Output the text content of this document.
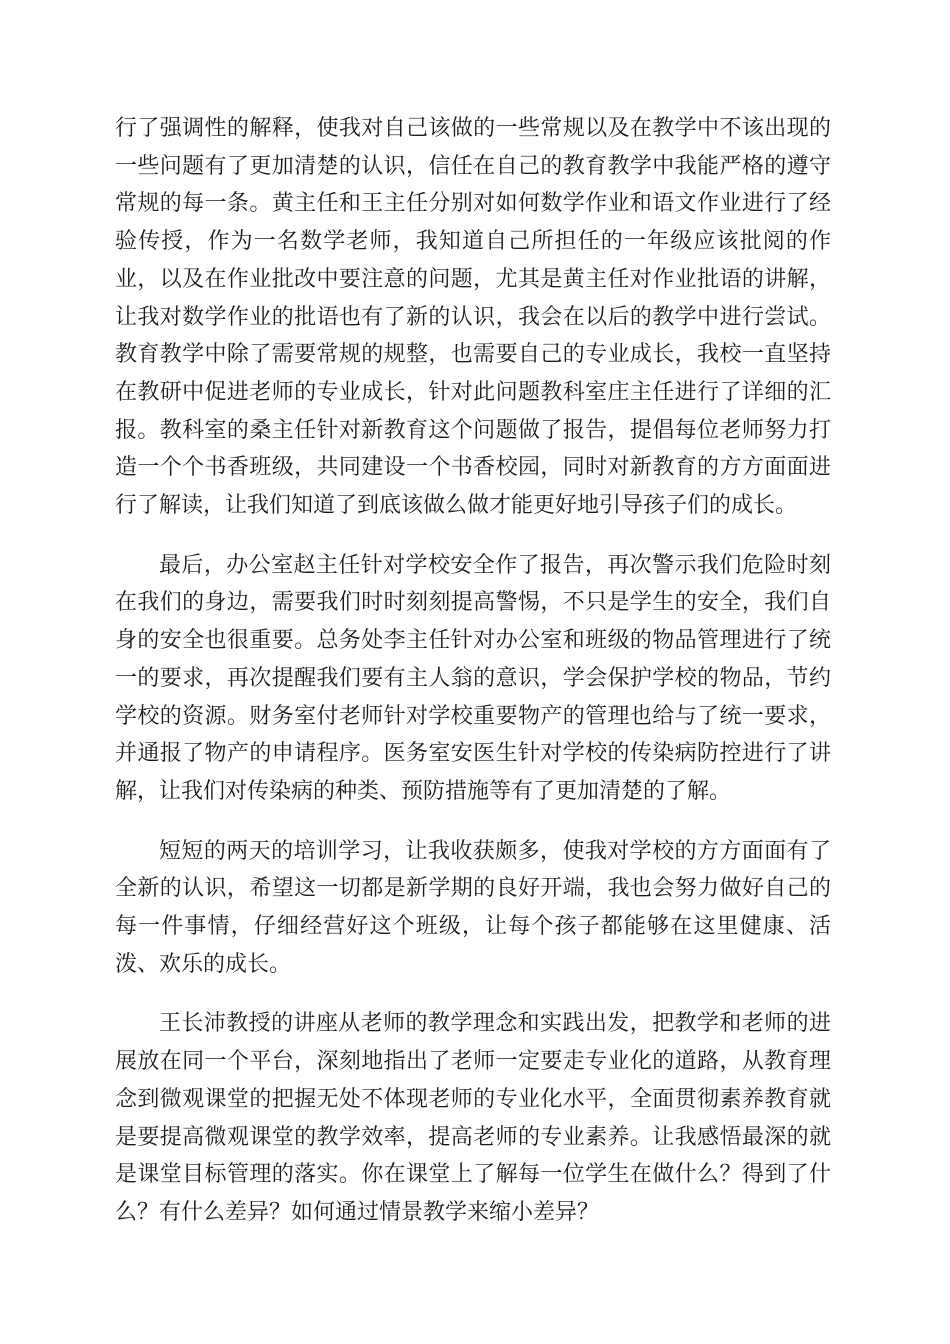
行了强调性的解释，使我对自己该做的一些常规以及在教学中不该出现的一些问题有了更加清楚的认识，信任在自己的教育教学中我能严格的遵守常规的每一条。黄主任和王主任分别对如何数学作业和语文作业进行了经验传授，作为一名数学老师，我知道自己所担任的一年级应该批阅的作业，以及在作业批改中要注意的问题，尤其是黄主任对作业批语的讲解，让我对数学作业的批语也有了新的认识，我会在以后的教学中进行尝试。教育教学中除了需要常规的规整，也需要自己的专业成长，我校一直坚持在教研中促进老师的专业成长，针对此问题教科室庄主任进行了详细的汇报。教科室的桑主任针对新教育这个问题做了报告，提倡每位老师努力打造一个个书香班级，共同建设一个书香校园，同时对新教育的方方面面进行了解读，让我们知道了到底该做么做才能更好地引导孩子们的成长。

最后，办公室赵主任针对学校安全作了报告，再次警示我们危险时刻在我们的身边，需要我们时时刻刻提高警惕，不只是学生的安全，我们自身的安全也很重要。总务处李主任针对办公室和班级的物品管理进行了统一的要求，再次提醒我们要有主人翁的意识，学会保护学校的物品，节约学校的资源。财务室付老师针对学校重要物产的管理也给与了统一要求，并通报了物产的申请程序。医务室安医生针对学校的传染病防控进行了讲解，让我们对传染病的种类、预防措施等有了更加清楚的了解。

短短的两天的培训学习，让我收获颇多，使我对学校的方方面面有了全新的认识，希望这一切都是新学期的良好开端，我也会努力做好自己的每一件事情，仔细经营好这个班级，让每个孩子都能够在这里健康、活泼、欢乐的成长。

王长沛教授的讲座从老师的教学理念和实践出发，把教学和老师的进展放在同一个平台，深刻地指出了老师一定要走专业化的道路，从教育理念到微观课堂的把握无处不体现老师的专业化水平，全面贯彻素养教育就是要提高微观课堂的教学效率，提高老师的专业素养。让我感悟最深的就是课堂目标管理的落实。你在课堂上了解每一位学生在做什么？得到了什么？有什么差异？如何通过情景教学来缩小差异？
